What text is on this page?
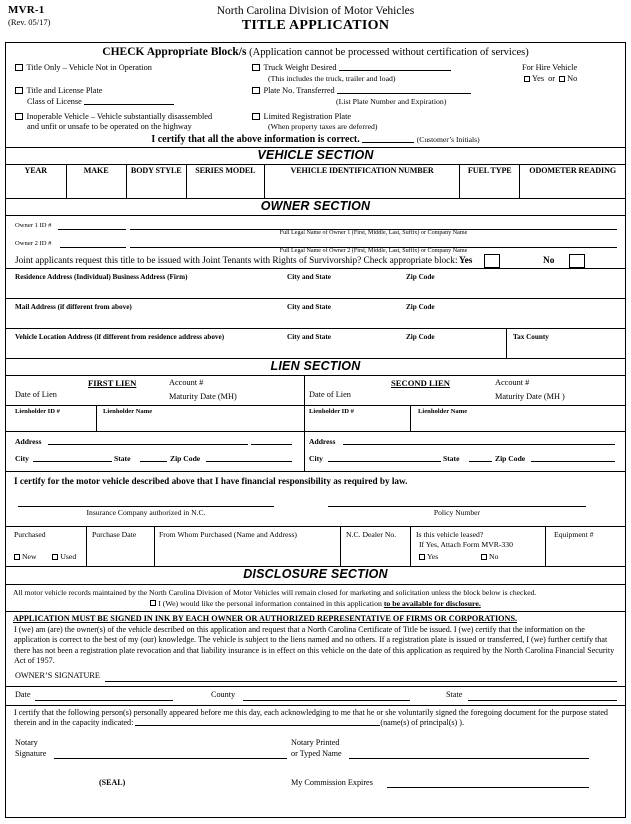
MVR-1
(Rev. 05/17)
North Carolina Division of Motor Vehicles
TITLE APPLICATION
CHECK Appropriate Block/s (Application cannot be processed without certification of services)
Title Only – Vehicle Not in Operation
Title and License Plate
Class of License
Inoperable Vehicle – Vehicle substantially disassembled
and unfit or unsafe to be operated on the highway
Truck Weight Desired
(This includes the truck, trailer and load)
Plate No. Transferred
(List Plate Number and Expiration)
Limited Registration Plate
(When property taxes are deferred)
For Hire Vehicle
Yes or No
I certify that all the above information is correct.	(Customer’s Initials)
VEHICLE SECTION
YEAR	MAKE	BODY STYLE	SERIES MODEL	VEHICLE IDENTIFICATION NUMBER	FUEL TYPE	ODOMETER READING

OWNER SECTION
Owner 1 ID #
Full Legal Name of Owner 1 (First, Middle, Last, Suffix) or Company Name
Owner 2 ID #
Full Legal Name of Owner 2 (First, Middle, Last, Suffix) or Company Name
Joint applicants request this title to be issued with Joint Tenants with Rights of Survivorship? Check appropriate block: Yes	No
Residence Address (Individual) Business Address (Firm)	City and State	Zip Code
Mail Address (if different from above)	City and State	Zip Code
Vehicle Location Address (if different from residence address above)	City and State	Zip Code	Tax County
LIEN SECTION
FIRST LIEN	Account #
Date of Lien	Maturity Date (MH)
SECOND LIEN	Account #
Date of Lien	Maturity Date (MH )
Lienholder ID #	Lienholder Name	Lienholder ID #	Lienholder Name
Address
City	State	Zip Code
Address
City	State	Zip Code
I certify for the motor vehicle described above that I have financial responsibility as required by law.
Insurance Company authorized in N.C.	Policy Number
Purchased
New	Used
Purchase Date	From Whom Purchased (Name and Address)	N.C. Dealer No.	Is this vehicle leased?
If Yes, Attach Form MVR-330
Yes	No
Equipment #
DISCLOSURE SECTION
All motor vehicle records maintained by the North Carolina Division of Motor Vehicles will remain closed for marketing and solicitation unless the block below is checked.
I (We) would like the personal information contained in this application to be available for disclosure.
APPLICATION MUST BE SIGNED IN INK BY EACH OWNER OR AUTHORIZED REPRESENTATIVE OF FIRMS OR CORPORATIONS.
I (we) am (are) the owner(s) of the vehicle described on this application and request that a North Carolina Certificate of Title be issued. I (we) certify that the information on the application is correct to the best of my (our) knowledge. The vehicle is subject to the liens named and no others. If a registration plate is issued or transferred, I (we) further certify that there has not been a registration plate revocation and that liability insurance is in effect on this vehicle on the date of this application as required by the North Carolina Financial Security Act of 1957.
OWNER’S SIGNATURE
Date	County	State
I certify that the following person(s) personally appeared before me this day, each acknowledging to me that he or she voluntarily signed the foregoing document for the purpose stated therein and in the capacity indicated:	(name(s) of principal(s) ).
Notary
Signature
Notary Printed
or Typed Name
(SEAL)	My Commission Expires
